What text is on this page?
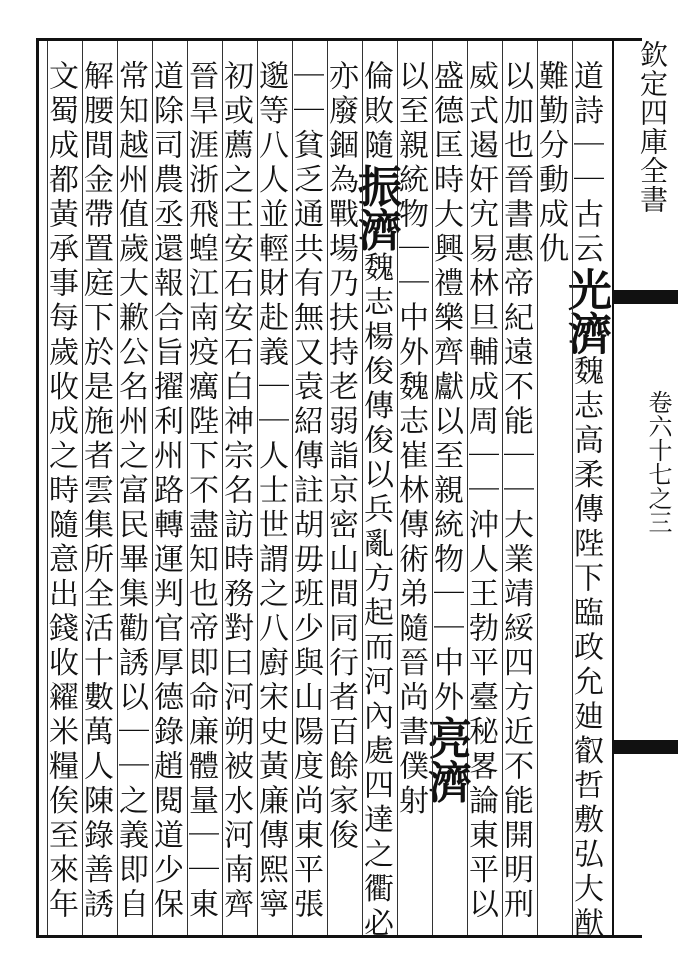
欽定四庫全書
卷六十七之三
道詩｜｜古云光濟魏志高柔傳陛下臨政允廸叡哲敷弘大猷
難勤分動成仇
以加也晉書惠帝紀遠不能｜｜大業靖綏四方近不能開明刑
威式遏奸宄易林旦輔成周｜｜沖人王勃平臺秘畧論東平以
盛德匡時大興禮樂齊獻以至親統物｜｜中外亮濟
以至親統物｜｜中外魏志崔林傳術弟隨晉尚書僕射
倫敗隨振濟魏志楊俊傳俊以兵亂方起而河內處四達之衢必
亦廢錮為戰場乃扶持老弱詣京密山間同行者百餘家俊
｜｜貧乏通共有無又袁紹傳註胡毋班少與山陽度尚東平張
邈等八人並輕財赴義｜｜人士世謂之八廚宋史黃廉傳熙寧
初或薦之王安石安石白神宗名訪時務對曰河朔被水河南齊
晉旱涯浙飛蝗江南疫癘陛下不盡知也帝即命廉體量｜｜東
道除司農丞還報合旨擢利州路轉運判官厚德錄趙閱道少保
常知越州值歲大歉公名州之富民畢集勸誘以｜｜之義即自
解腰間金帶置庭下於是施者雲集所全活十數萬人陳錄善誘
文蜀成都黃承事每歲收成之時隨意出錢收糴米糧俟至來年
